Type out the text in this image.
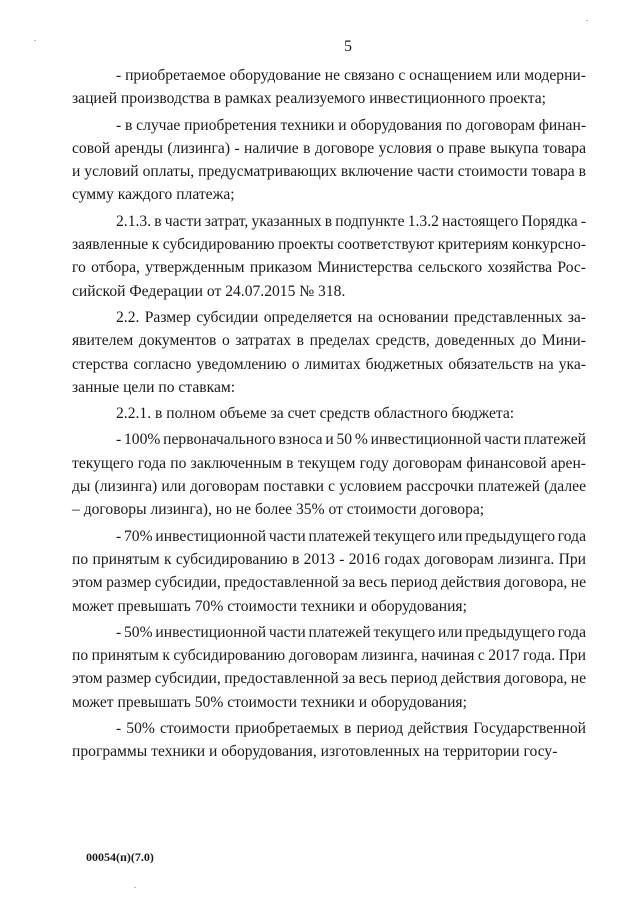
5
- приобретаемое оборудование не связано с оснащением или модерни-
зацией производства в рамках реализуемого инвестиционного проекта;
- в случае приобретения техники и оборудования по договорам финан-
совой аренды (лизинга) - наличие в договоре условия о праве выкупа товара
и условий оплаты, предусматривающих включение части стоимости товара в
сумму каждого платежа;
2.1.3. в части затрат, указанных в подпункте 1.3.2 настоящего Порядка -
заявленные к субсидированию проекты соответствуют критериям конкурсно-
го отбора, утвержденным приказом Министерства сельского хозяйства Рос-
сийской Федерации от 24.07.2015 № 318.
2.2. Размер субсидии определяется на основании представленных за-
явителем документов о затратах в пределах средств, доведенных до Мини-
стерства согласно уведомлению о лимитах бюджетных обязательств на ука-
занные цели по ставкам:
2.2.1. в полном объеме за счет средств областного бюджета:
- 100% первоначального взноса и 50 % инвестиционной части платежей
текущего года по заключенным в текущем году договорам финансовой арен-
ды (лизинга) или договорам поставки с условием рассрочки платежей (далее
– договоры лизинга), но не более 35% от стоимости договора;
- 70% инвестиционной части платежей текущего или предыдущего года
по принятым к субсидированию в 2013 - 2016 годах договорам лизинга. При
этом размер субсидии, предоставленной за весь период действия договора, не
может превышать 70% стоимости техники и оборудования;
- 50% инвестиционной части платежей текущего или предыдущего года
по принятым к субсидированию договорам лизинга, начиная с 2017 года. При
этом размер субсидии, предоставленной за весь период действия договора, не
может превышать 50% стоимости техники и оборудования;
- 50% стоимости приобретаемых в период действия Государственной
программы техники и оборудования, изготовленных на территории госу-
00054(п)(7.0)
